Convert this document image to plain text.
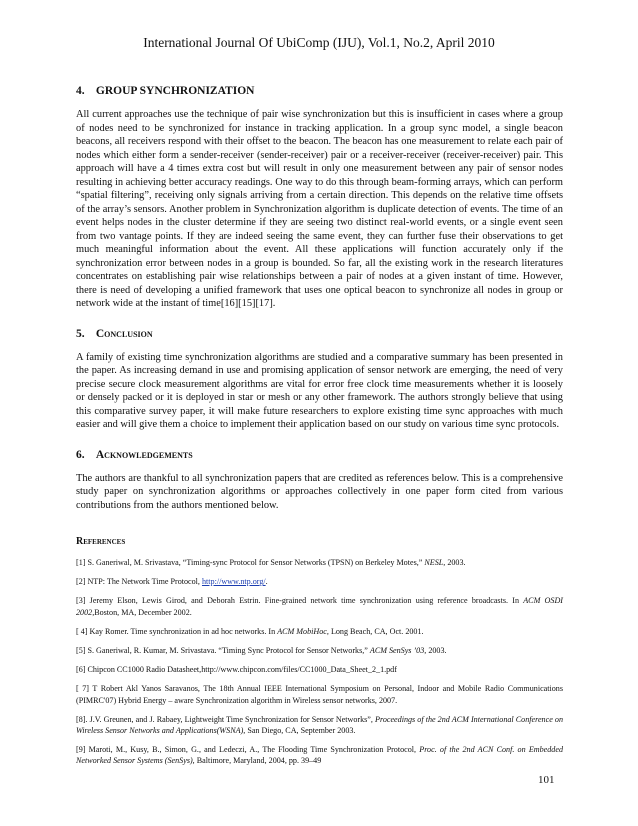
International Journal Of UbiComp (IJU), Vol.1, No.2, April 2010
4. GROUP SYNCHRONIZATION

All current approaches use the technique of pair wise synchronization but this is insufficient in cases where a group of nodes need to be synchronized for instance in tracking application. In a group sync model, a single beacon beacons, all receivers respond with their offset to the beacon. The beacon has one measurement to relate each pair of nodes which either form a sender-receiver (sender-receiver) pair or a receiver-receiver (receiver-receiver) pair. This approach will have a 4 times extra cost but will result in only one measurement between any pair of sensor nodes resulting in achieving better accuracy readings. One way to do this through beam-forming arrays, which can perform “spatial filtering”, receiving only signals arriving from a certain direction. This depends on the relative time offsets of the array’s sensors. Another problem in Synchronization algorithm is duplicate detection of events. The time of an event helps nodes in the cluster determine if they are seeing two distinct real-world events, or a single event seen from two vantage points. If they are indeed seeing the same event, they can further fuse their observations to get much meaningful information about the event. All these applications will function accurately only if the synchronization error between nodes in a group is bounded. So far, all the existing work in the research literatures concentrates on establishing pair wise relationships between a pair of nodes at a given instant of time. However, there is need of developing a unified framework that uses one optical beacon to synchronize all nodes in group or network wide at the instant of time[16][15][17].

5. Conclusion

A family of existing time synchronization algorithms are studied and a comparative summary has been presented in the paper. As increasing demand in use and promising application of sensor network are emerging, the need of very precise secure clock measurement algorithms are vital for error free clock time measurements whether it is loosely or densely packed or it is deployed in star or mesh or any other framework. The authors strongly believe that using this comparative survey paper, it will make future researchers to explore existing time sync approaches with much easier and will give them a choice to implement their application based on our study on various time sync protocols.

6. Acknowledgements

The authors are thankful to all synchronization papers that are credited as references below. This is a comprehensive study paper on synchronization algorithms or approaches collectively in one paper form cited from various contributions from the authors mentioned below.

References
[1] S. Ganeriwal, M. Srivastava, “Timing-sync Protocol for Sensor Networks (TPSN) on Berkeley Motes,” NESL, 2003.
[2] NTP: The Network Time Protocol, http://www.ntp.org/.
[3] Jeremy Elson, Lewis Girod, and Deborah Estrin. Fine-grained network time synchronization using reference broadcasts. In ACM OSDI 2002,Boston, MA, December 2002.
[ 4] Kay Romer. Time synchronization in ad hoc networks. In ACM MobiHoc, Long Beach, CA, Oct. 2001.
[5] S. Ganeriwal, R. Kumar, M. Srivastava. “Timing Sync Protocol for Sensor Networks,” ACM SenSys ’03, 2003.
[6] Chipcon CC1000 Radio Datasheet,http://www.chipcon.com/files/CC1000_Data_Sheet_2_1.pdf
[ 7] T Robert Akl Yanos Saravanos, The 18th Annual IEEE International Symposium on Personal, Indoor and Mobile Radio Communications (PIMRC'07) Hybrid Energy – aware Synchronization algorithm in Wireless sensor networks, 2007.
[8]. J.V. Greunen, and J. Rabaey, Lightweight Time Synchronization for Sensor Networks”, Proceedings of the 2nd ACM International Conference on Wireless Sensor Networks and Applications(WSNA), San Diego, CA, September 2003.
[9] Maroti, M., Kusy, B., Simon, G., and Ledeczi, A., The Flooding Time Synchronization Protocol, Proc. of the 2nd ACN Conf. on Embedded Networked Sensor Systems (SenSys), Baltimore, Maryland, 2004, pp. 39–49
101
